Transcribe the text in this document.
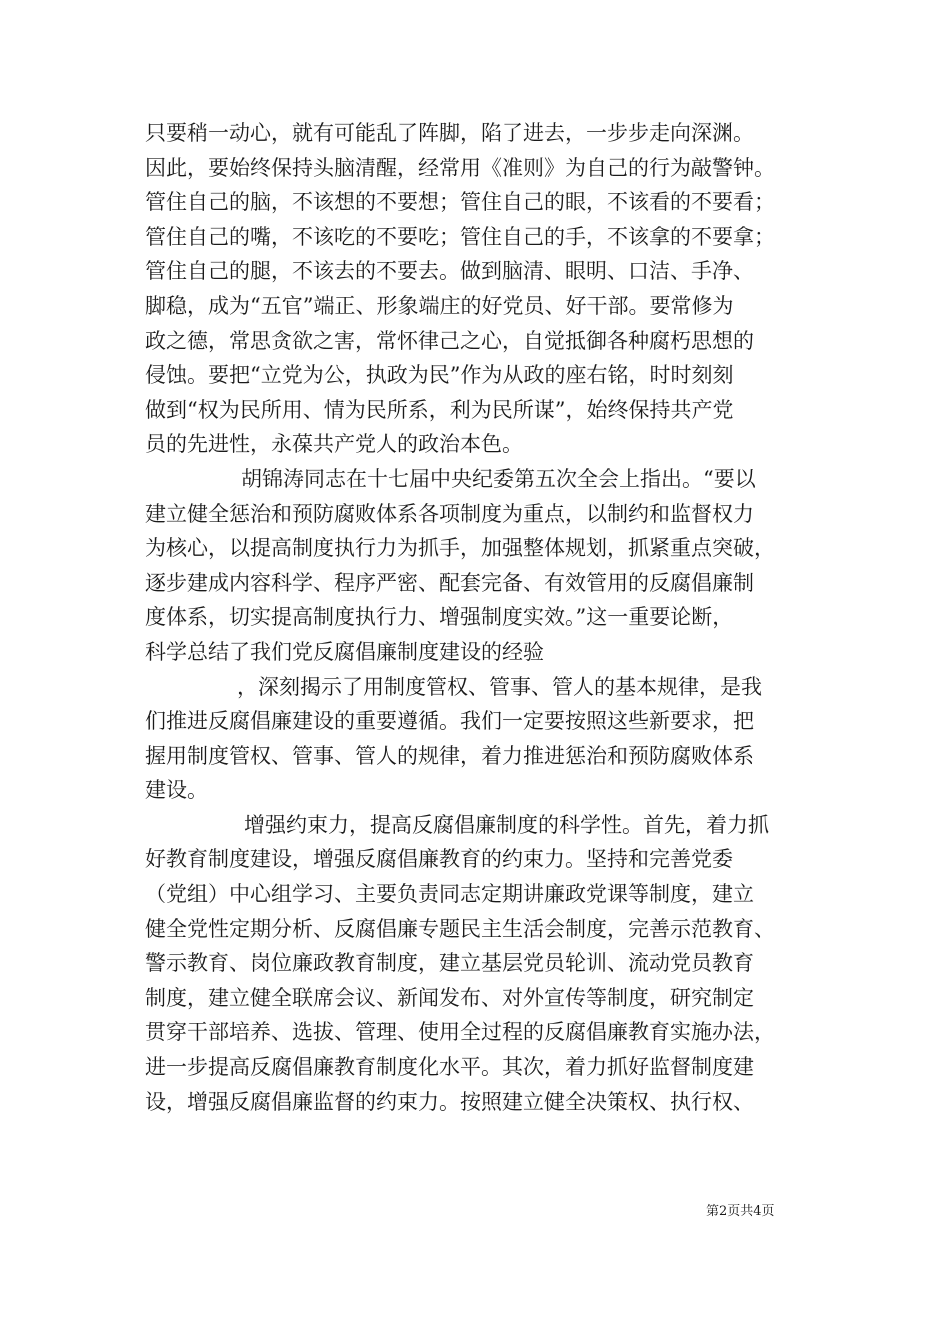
只要稍一动心，就有可能乱了阵脚，陷了进去，一步步走向深渊。
因此，要始终保持头脑清醒，经常用《准则》为自己的行为敲警钟。
管住自己的脑，不该想的不要想；管住自己的眼，不该看的不要看；
管住自己的嘴，不该吃的不要吃；管住自己的手，不该拿的不要拿；
管住自己的腿，不该去的不要去。做到脑清、眼明、口洁、手净、
脚稳，成为“五官”端正、形象端庄的好党员、好干部。要常修为
政之德，常思贪欲之害，常怀律己之心，自觉抵御各种腐朽思想的
侵蚀。要把“立党为公，执政为民”作为从政的座右铭，时时刻刻
做到“权为民所用、情为民所系，利为民所谋”，始终保持共产党
员的先进性，永葆共产党人的政治本色。
胡锦涛同志在十七届中央纪委第五次全会上指出。“要以
建立健全惩治和预防腐败体系各项制度为重点，以制约和监督权力
为核心，以提高制度执行力为抓手，加强整体规划，抓紧重点突破，
逐步建成内容科学、程序严密、配套完备、有效管用的反腐倡廉制
度体系，切实提高制度执行力、增强制度实效。”这一重要论断，
科学总结了我们党反腐倡廉制度建设的经验
，深刻揭示了用制度管权、管事、管人的基本规律，是我
们推进反腐倡廉建设的重要遵循。我们一定要按照这些新要求，把
握用制度管权、管事、管人的规律，着力推进惩治和预防腐败体系
建设。
增强约束力，提高反腐倡廉制度的科学性。首先，着力抓
好教育制度建设，增强反腐倡廉教育的约束力。坚持和完善党委
（党组）中心组学习、主要负责同志定期讲廉政党课等制度，建立
健全党性定期分析、反腐倡廉专题民主生活会制度，完善示范教育、
警示教育、岗位廉政教育制度，建立基层党员轮训、流动党员教育
制度，建立健全联席会议、新闻发布、对外宣传等制度，研究制定
贯穿干部培养、选拔、管理、使用全过程的反腐倡廉教育实施办法，
进一步提高反腐倡廉教育制度化水平。其次，着力抓好监督制度建
设，增强反腐倡廉监督的约束力。按照建立健全决策权、执行权、
第2页共4页
